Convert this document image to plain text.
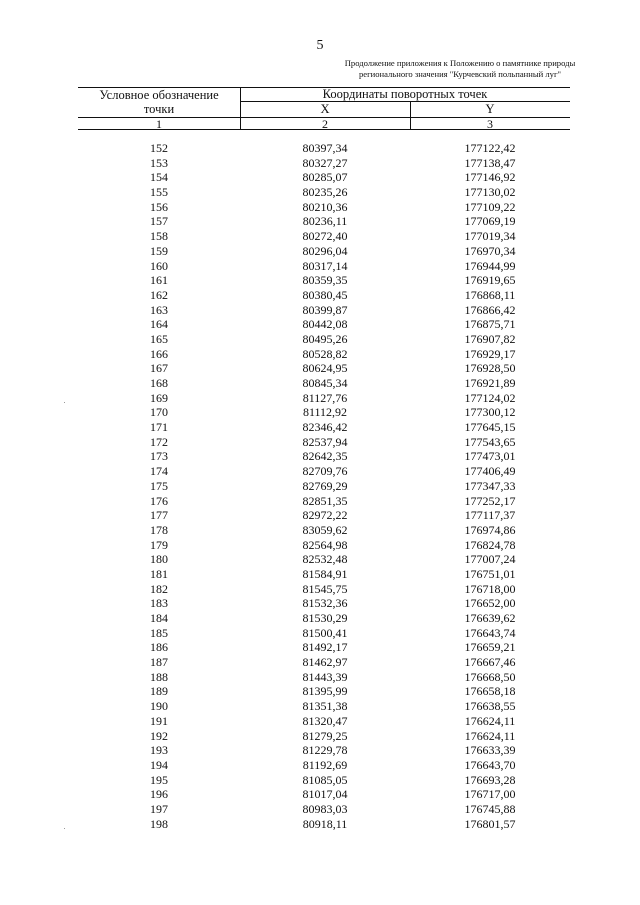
5
Продолжение приложения к Положению о памятнике природы
регионального значения "Курчевский польпанный луг"
Условное обозначение
точки
Координаты поворотных точек
X	Y
1	2	3
152	80397,34	177122,42
153	80327,27	177138,47
154	80285,07	177146,92
155	80235,26	177130,02
156	80210,36	177109,22
157	80236,11	177069,19
158	80272,40	177019,34
159	80296,04	176970,34
160	80317,14	176944,99
161	80359,35	176919,65
162	80380,45	176868,11
163	80399,87	176866,42
164	80442,08	176875,71
165	80495,26	176907,82
166	80528,82	176929,17
167	80624,95	176928,50
168	80845,34	176921,89
169	81127,76	177124,02
170	81112,92	177300,12
171	82346,42	177645,15
172	82537,94	177543,65
173	82642,35	177473,01
174	82709,76	177406,49
175	82769,29	177347,33
176	82851,35	177252,17
177	82972,22	177117,37
178	83059,62	176974,86
179	82564,98	176824,78
180	82532,48	177007,24
181	81584,91	176751,01
182	81545,75	176718,00
183	81532,36	176652,00
184	81530,29	176639,62
185	81500,41	176643,74
186	81492,17	176659,21
187	81462,97	176667,46
188	81443,39	176668,50
189	81395,99	176658,18
190	81351,38	176638,55
191	81320,47	176624,11
192	81279,25	176624,11
193	81229,78	176633,39
194	81192,69	176643,70
195	81085,05	176693,28
196	81017,04	176717,00
197	80983,03	176745,88
198	80918,11	176801,57
